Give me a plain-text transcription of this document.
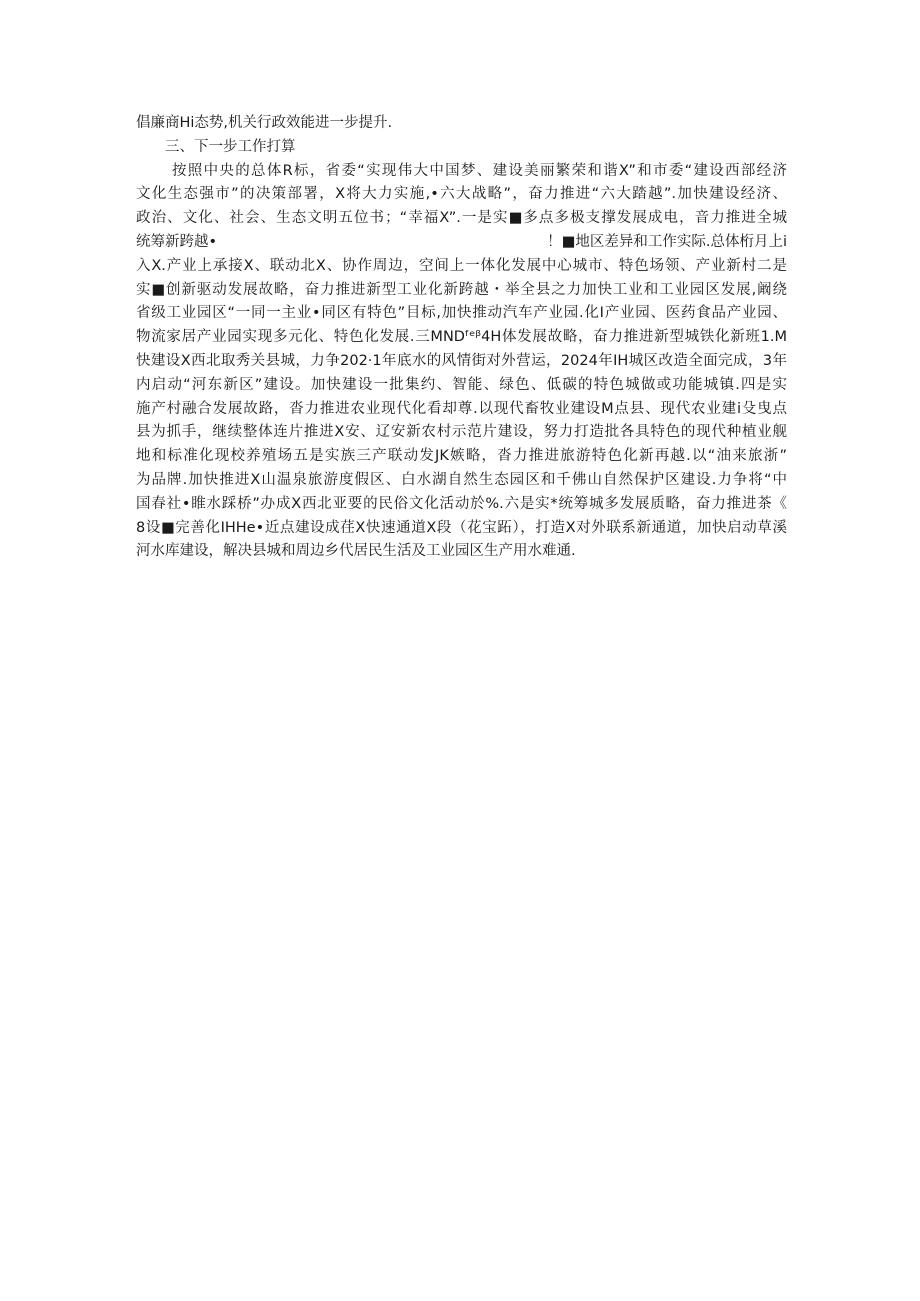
倡廉商Hi态势,机关行政效能进一步提升.
三、下一步工作打算
按照中央的总体R标，省委“实现伟大中国梦、建设美丽繁荣和谐X”和市委“建设西部经济
文化生态强市”的决策部署，X将大力实施,•六大战略”，奋力推进“六大踏越”.加快建设经济、
政治、文化、社会、生态文明五位书；“幸福X”.一是实■多点多极支撑发展成电，音力推进全城
统筹新跨越•	！■地区差异和工作实际.总体桁月上i
入X.产业上承接X、联动北X、协作周边，空间上一体化发展中心城市、特色场领、产业新村二是
实■创新驱动发展故略，奋力推进新型工业化新跨越・举全县之力加快工业和工业园区发展,阚绕
省级工业园区“一同一主业•同区有特色”目标,加快推动汽车产业园.化I产业园、医药食品产业园、
物流家居产业园实现多元化、特色化发展.三MNDᶠᵉᵝ4H体发展故略，奋力推进新型城铁化新班1.M
快建设X西北取秀关县城，力争202·1年底水的风情街对外营运，2024年IH城区改造全面完成，3年
内启动“河东新区”建设。加快建设一批集约、智能、绿色、低碳的特色城做或功能城镇.四是实
施产村融合发展故路，沓力推进农业现代化看却尊.以现代畜牧业建设M点县、现代农业建i殳曳点
县为抓手，继续整体连片推进X安、辽安新农村示范片建设，努力打造批各具特色的现代种植业舰
地和标准化现校养殖场五是实族三产联动发JK嫉略，沓力推进旅游特色化新再越.以“油来旅浙”
为品牌.加快推进X山温泉旅游度假区、白水湖自然生态园区和千佛山自然保护区建设.力争将“中
国春社•睢水踩桥”办成X西北亚要的民俗文化活动於%.六是实*统筹城多发展质略，奋力推进茶《
8设■完善化IHHe•近点建设成荏X快速通道X段（花宝跖），打造X对外联系新通道，加快启动草溪
河水库建设，解决县城和周边乡代居民生活及工业园区生产用水难通.
